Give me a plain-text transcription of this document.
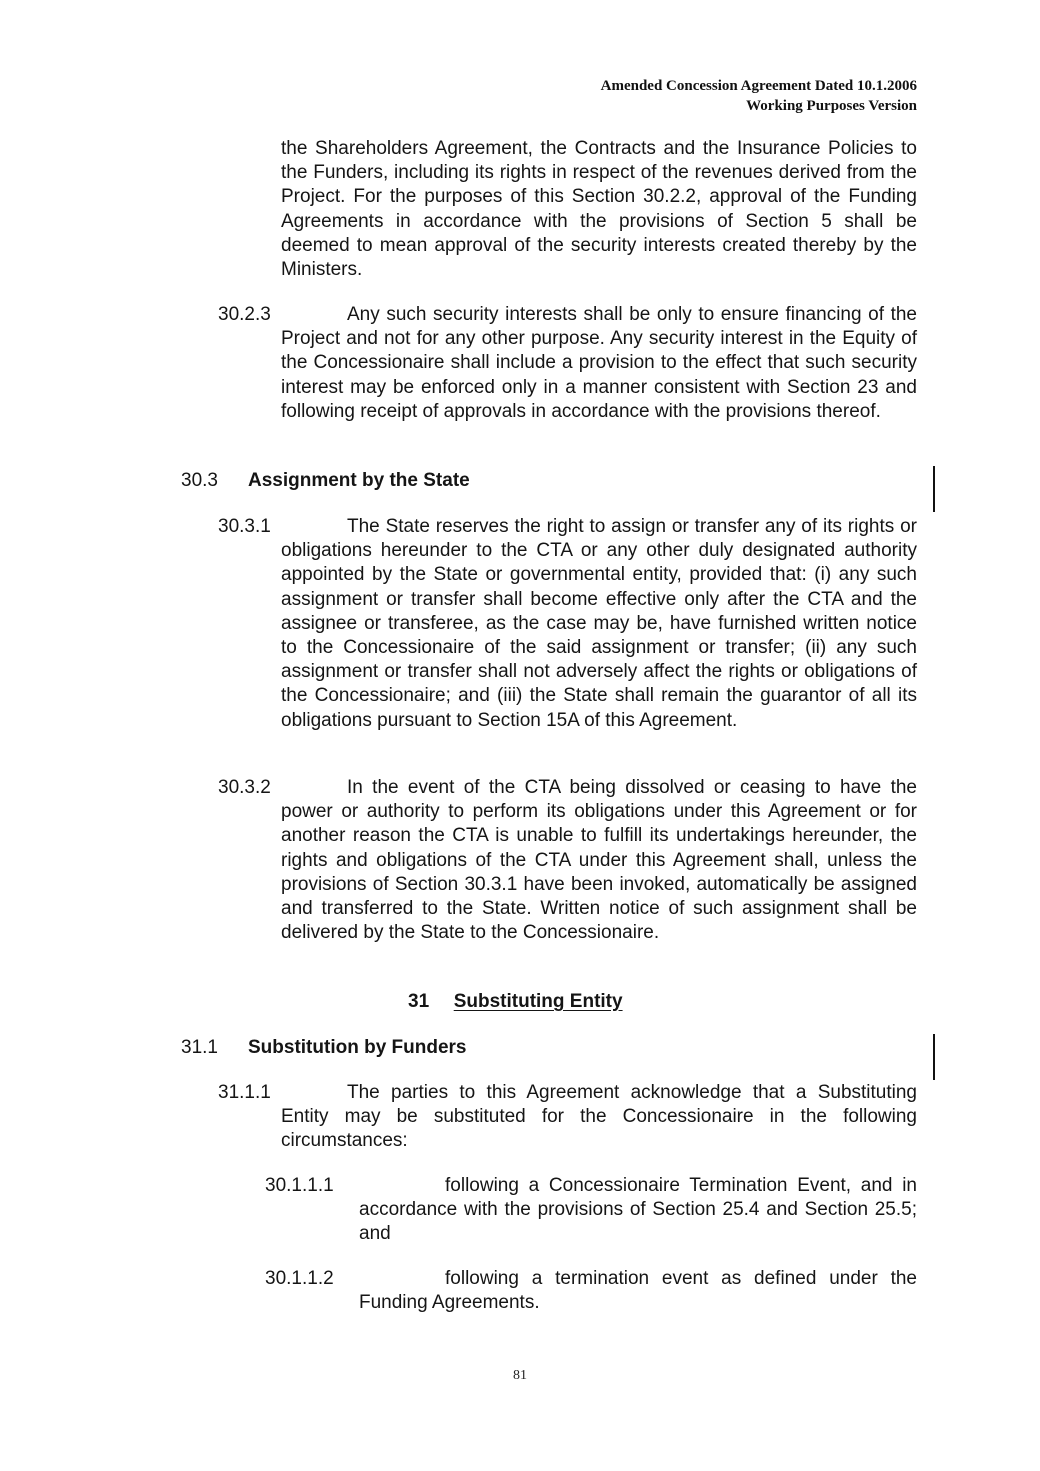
Amended Concession Agreement Dated 10.1.2006
Working Purposes Version
the Shareholders Agreement, the Contracts and the Insurance Policies to the Funders, including its rights in respect of the revenues derived from the Project. For the purposes of this Section 30.2.2, approval of the Funding Agreements in accordance with the provisions of Section 5 shall be deemed to mean approval of the security interests created thereby by the Ministers.
30.2.3	Any such security interests shall be only to ensure financing of the Project and not for any other purpose. Any security interest in the Equity of the Concessionaire shall include a provision to the effect that such security interest may be enforced only in a manner consistent with Section 23 and following receipt of approvals in accordance with the provisions thereof.
30.3 Assignment by the State
30.3.1	The State reserves the right to assign or transfer any of its rights or obligations hereunder to the CTA or any other duly designated authority appointed by the State or governmental entity, provided that: (i) any such assignment or transfer shall become effective only after the CTA and the assignee or transferee, as the case may be, have furnished written notice to the Concessionaire of the said assignment or transfer; (ii) any such assignment or transfer shall not adversely affect the rights or obligations of the Concessionaire; and (iii) the State shall remain the guarantor of all its obligations pursuant to Section 15A of this Agreement.
30.3.2	In the event of the CTA being dissolved or ceasing to have the power or authority to perform its obligations under this Agreement or for another reason the CTA is unable to fulfill its undertakings hereunder, the rights and obligations of the CTA under this Agreement shall, unless the provisions of Section 30.3.1 have been invoked, automatically be assigned and transferred to the State. Written notice of such assignment shall be delivered by the State to the Concessionaire.
31 Substituting Entity
31.1 Substitution by Funders
31.1.1	The parties to this Agreement acknowledge that a Substituting Entity may be substituted for the Concessionaire in the following circumstances:
30.1.1.1	following a Concessionaire Termination Event, and in accordance with the provisions of Section 25.4 and Section 25.5; and
30.1.1.2	following a termination event as defined under the Funding Agreements.
81
